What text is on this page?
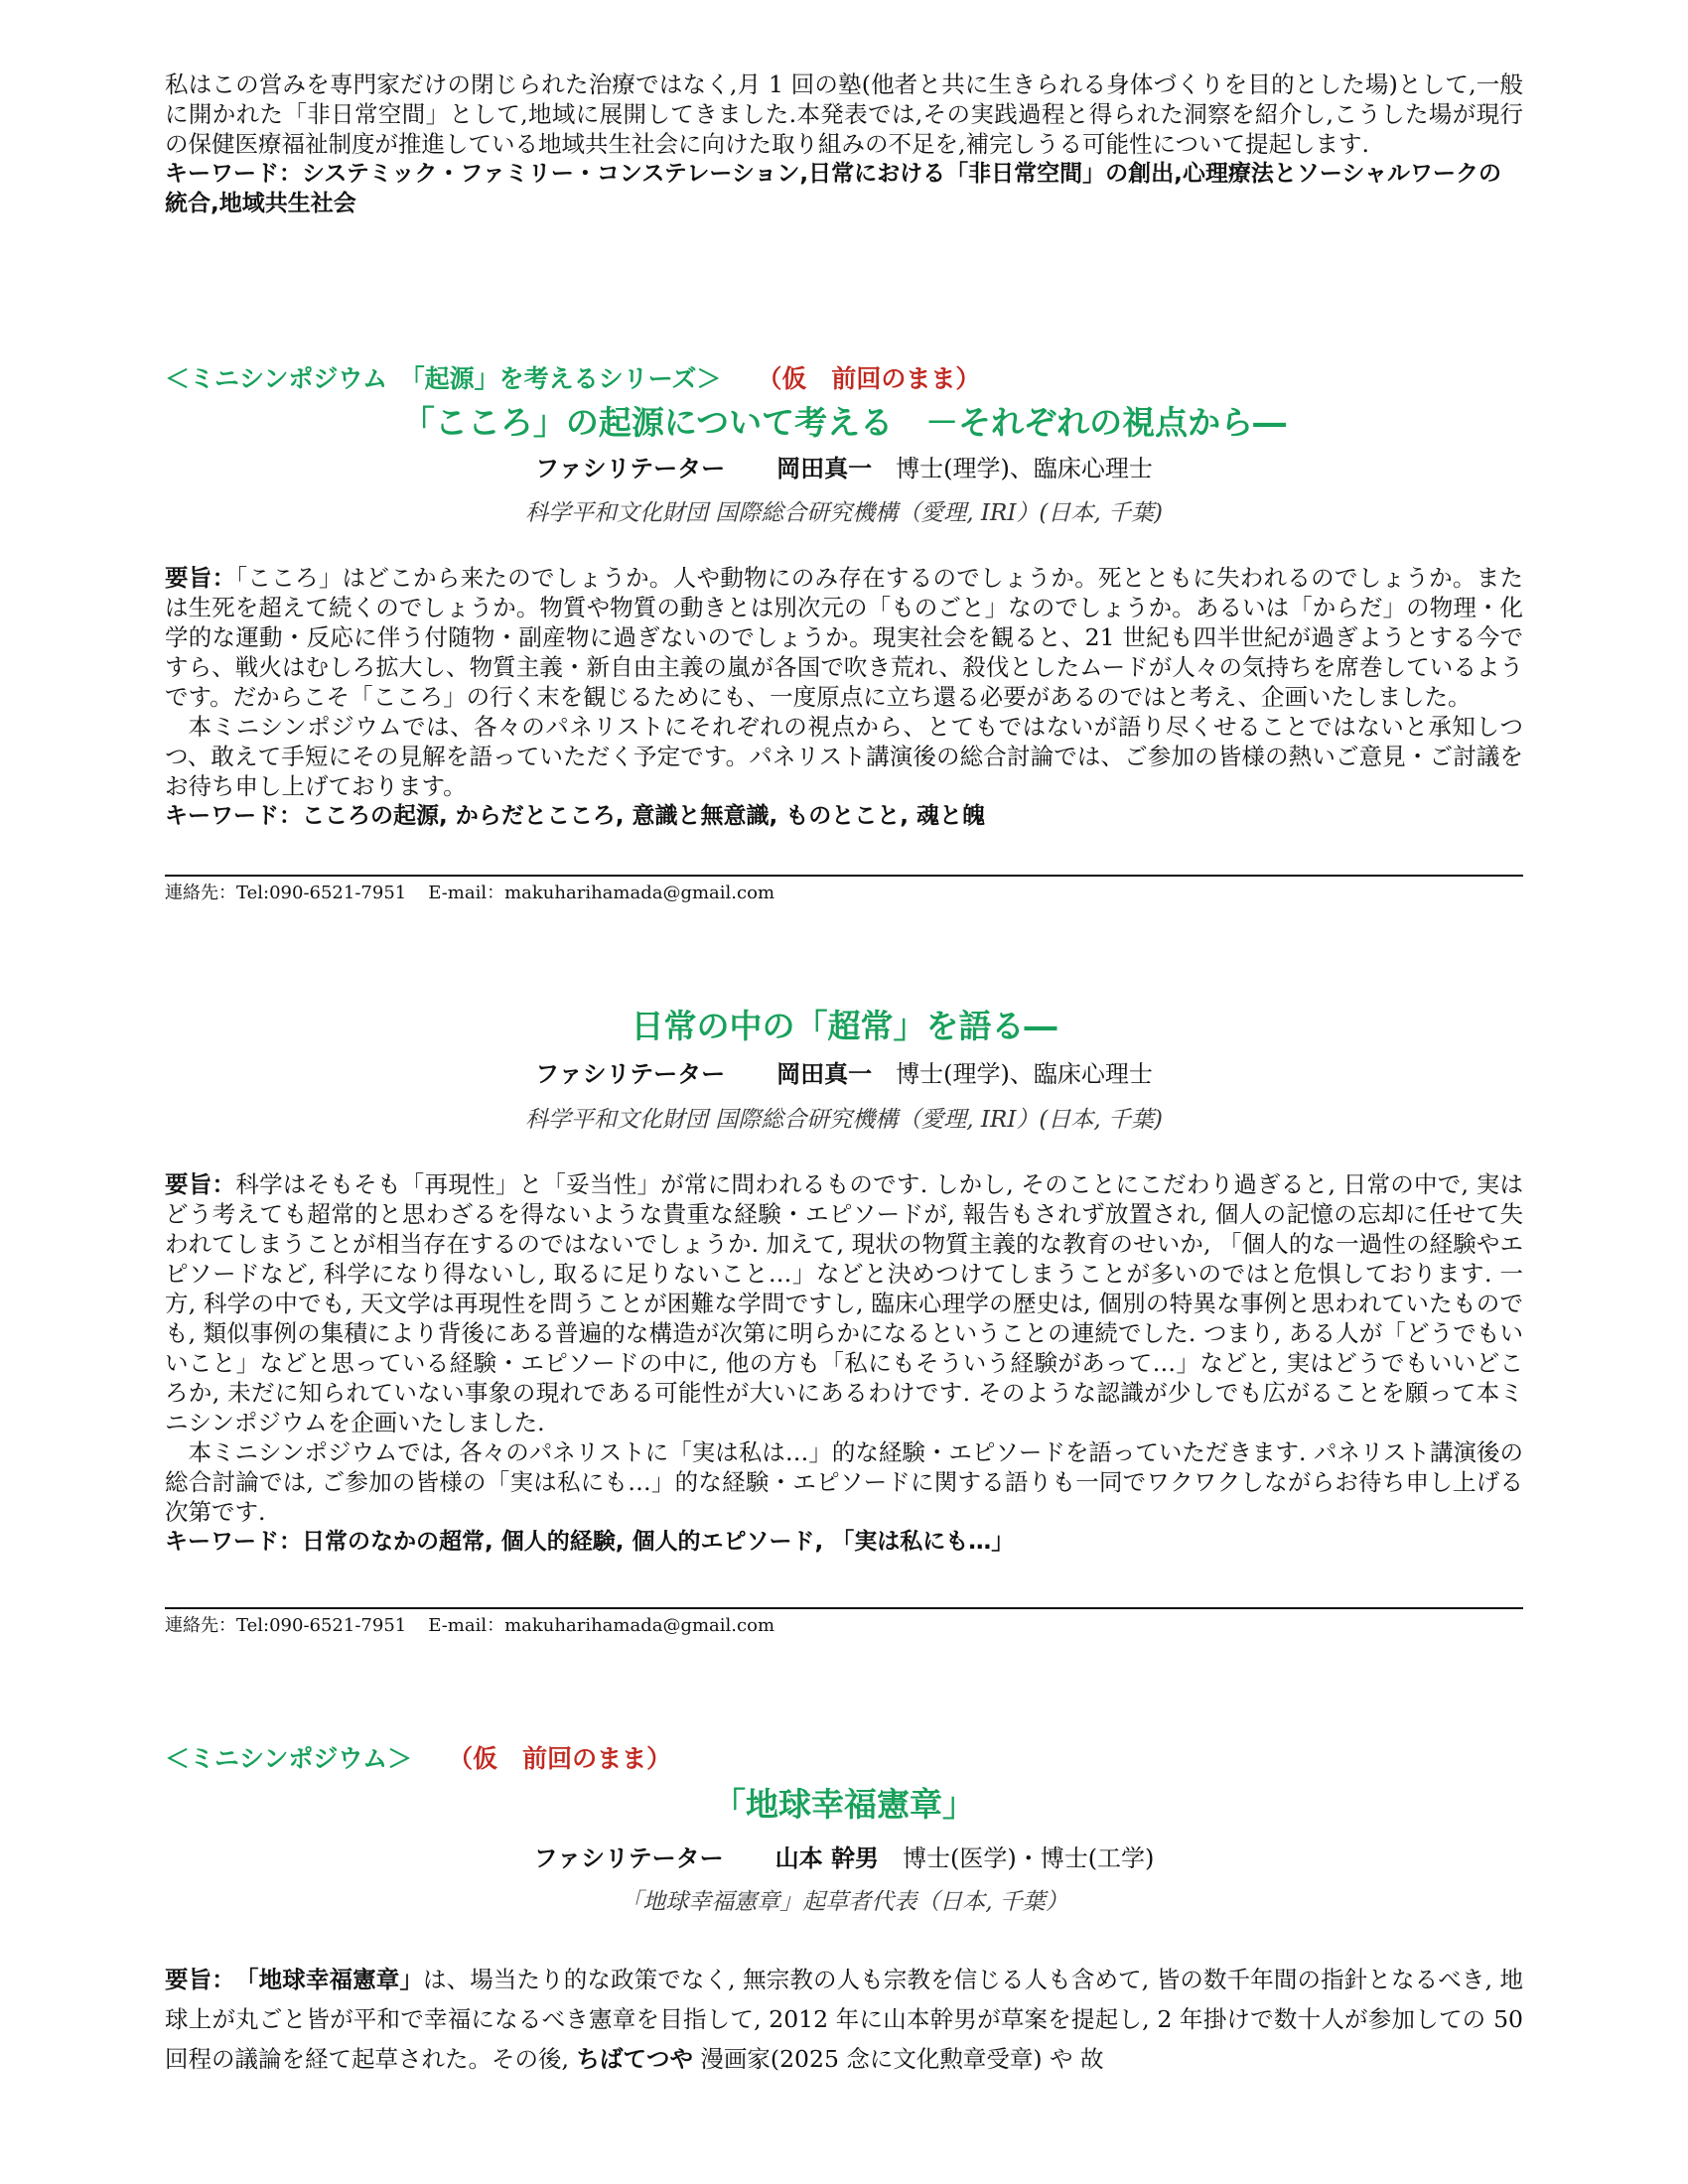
私はこの営みを専門家だけの閉じられた治療ではなく,月 1 回の塾(他者と共に生きられる身体づくりを目的とした場)として,一般に開かれた「非日常空間」として,地域に展開してきました.本発表では,その実践過程と得られた洞察を紹介し,こうした場が現行の保健医療福祉制度が推進している地域共生社会に向けた取り組みの不足を,補完しうる可能性について提起します.

キーワード：システミック・ファミリー・コンステレーション,日常における「非日常空間」の創出,心理療法とソーシャルワークの統合,地域共生社会

＜ミニシンポジウム　「起源」を考えるシリーズ＞ （仮　前回のまま）
「こころ」の起源について考える　－それぞれの視点から―
ファシリテーター 岡田真一 博士(理学)、臨床心理士
科学平和文化財団 国際総合研究機構（愛理, IRI）(日本, 千葉)

要旨：「こころ」はどこから来たのでしょうか。人や動物にのみ存在するのでしょうか。死とともに失われるのでしょうか。または生死を超えて続くのでしょうか。物質や物質の動きとは別次元の「ものごと」なのでしょうか。あるいは「からだ」の物理・化学的な運動・反応に伴う付随物・副産物に過ぎないのでしょうか。現実社会を観ると、21 世紀も四半世紀が過ぎようとする今ですら、戦火はむしろ拡大し、物質主義・新自由主義の嵐が各国で吹き荒れ、殺伐としたムードが人々の気持ちを席巻しているようです。だからこそ「こころ」の行く末を観じるためにも、一度原点に立ち還る必要があるのではと考え、企画いたしました。

本ミニシンポジウムでは、各々のパネリストにそれぞれの視点から、とてもではないが語り尽くせることではないと承知しつつ、敢えて手短にその見解を語っていただく予定です。パネリスト講演後の総合討論では、ご参加の皆様の熱いご意見・ご討議をお待ち申し上げております。

キーワード：こころの起源, からだとこころ, 意識と無意識, ものとこと, 魂と魄

連絡先：Tel:090-6521-7951 E-mail：makuharihamada@gmail.com
日常の中の「超常」を語る―
ファシリテーター 岡田真一 博士(理学)、臨床心理士
科学平和文化財団 国際総合研究機構（愛理, IRI）(日本, 千葉)

要旨：科学はそもそも「再現性」と「妥当性」が常に問われるものです. しかし, そのことにこだわり過ぎると, 日常の中で, 実はどう考えても超常的と思わざるを得ないような貴重な経験・エピソードが, 報告もされず放置され, 個人の記憶の忘却に任せて失われてしまうことが相当存在するのではないでしょうか. 加えて, 現状の物質主義的な教育のせいか, 「個人的な一過性の経験やエピソードなど, 科学になり得ないし, 取るに足りないこと…」などと決めつけてしまうことが多いのではと危惧しております. 一方, 科学の中でも, 天文学は再現性を問うことが困難な学問ですし, 臨床心理学の歴史は, 個別の特異な事例と思われていたものでも, 類似事例の集積により背後にある普遍的な構造が次第に明らかになるということの連続でした. つまり, ある人が「どうでもいいこと」などと思っている経験・エピソードの中に, 他の方も「私にもそういう経験があって…」などと, 実はどうでもいいどころか, 未だに知られていない事象の現れである可能性が大いにあるわけです. そのような認識が少しでも広がることを願って本ミニシンポジウムを企画いたしました.

本ミニシンポジウムでは, 各々のパネリストに「実は私は…」的な経験・エピソードを語っていただきます. パネリスト講演後の総合討論では, ご参加の皆様の「実は私にも…」的な経験・エピソードに関する語りも一同でワクワクしながらお待ち申し上げる次第です.

キーワード：日常のなかの超常, 個人的経験, 個人的エピソード, 「実は私にも…」

連絡先：Tel:090-6521-7951 E-mail：makuharihamada@gmail.com
＜ミニシンポジウム＞ （仮　前回のまま）
「地球幸福憲章」
ファシリテーター 山本 幹男 博士(医学)・博士(工学)
「地球幸福憲章」起草者代表（日本, 千葉）

要旨：　 「地球幸福憲章」は、場当たり的な政策でなく, 無宗教の人も宗教を信じる人も含めて, 皆の数千年間の指針となるべき, 地球上が丸ごと皆が平和で幸福になるべき憲章を目指して, 2012 年に山本幹男が草案を提起し, 2 年掛けで数十人が参加しての 50 回程の議論を経て起草された。その後, ちばてつや 漫画家(2025 念に文化勲章受章) や 故
